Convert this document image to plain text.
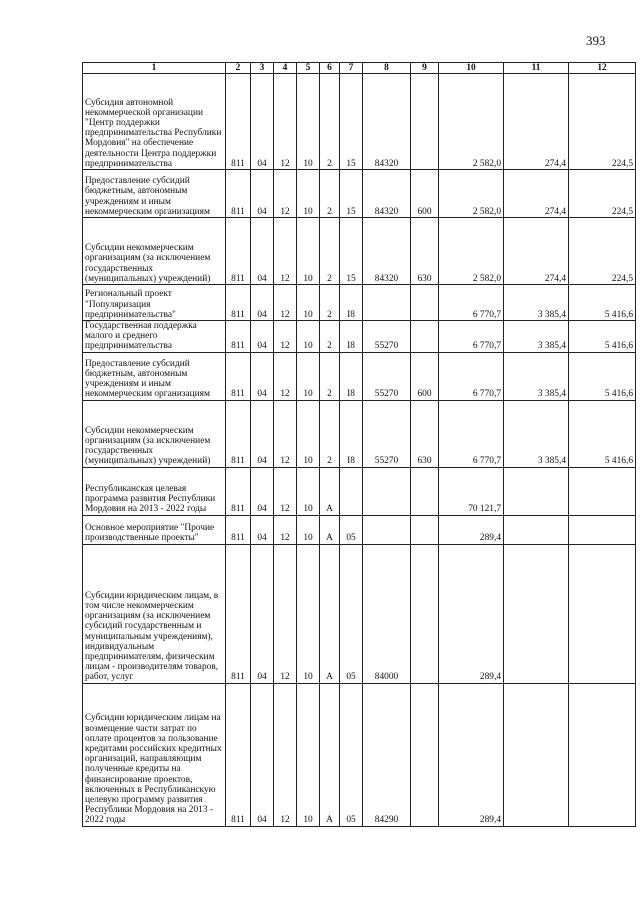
393
1	2	3	4	5	6	7	8	9	10	11	12
Субсидия автономной некоммерческой организации "Центр поддержки предпринимательства Республики Мордовия" на обеспечение деятельности Центра поддержки предпринимательства	811	04	12	10	2	15	84320		2 582,0	274,4	224,5
Предоставление субсидий бюджетным, автономным учреждениям и иным некоммерческим организациям	811	04	12	10	2	15	84320	600	2 582,0	274,4	224,5
Субсидии некоммерческим организациям (за исключением государственных (муниципальных) учреждений)	811	04	12	10	2	15	84320	630	2 582,0	274,4	224,5
Региональный проект "Популяризация предпринимательства"	811	04	12	10	2	I8			6 770,7	3 385,4	5 416,6
Государственная поддержка малого и среднего предпринимательства	811	04	12	10	2	I8	55270		6 770,7	3 385,4	5 416,6
Предоставление субсидий бюджетным, автономным учреждениям и иным некоммерческим организациям	811	04	12	10	2	I8	55270	600	6 770,7	3 385,4	5 416,6
Субсидии некоммерческим организациям (за исключением государственных (муниципальных) учреждений)	811	04	12	10	2	I8	55270	630	6 770,7	3 385,4	5 416,6
Республиканская целевая программа развития Республики Мордовия на 2013 - 2022 годы	811	04	12	10	А				70 121,7		
Основное мероприятие "Прочие производственные проекты"	811	04	12	10	А	05			289,4		
Субсидии юридическим лицам, в том числе некоммерческим организациям (за исключением субсидий государственным и муниципальным учреждениям), индивидуальным предпринимателям, физическим лицам - производителям товаров, работ, услуг	811	04	12	10	А	05	84000		289,4		
Субсидии юридическим лицам на возмещение части затрат по оплате процентов за пользование кредитами российских кредитных организаций, направляющим полученные кредиты на финансирование проектов, включенных в Республиканскую целевую программу развития Республики Мордовия на 2013 - 2022 годы	811	04	12	10	А	05	84290		289,4		
